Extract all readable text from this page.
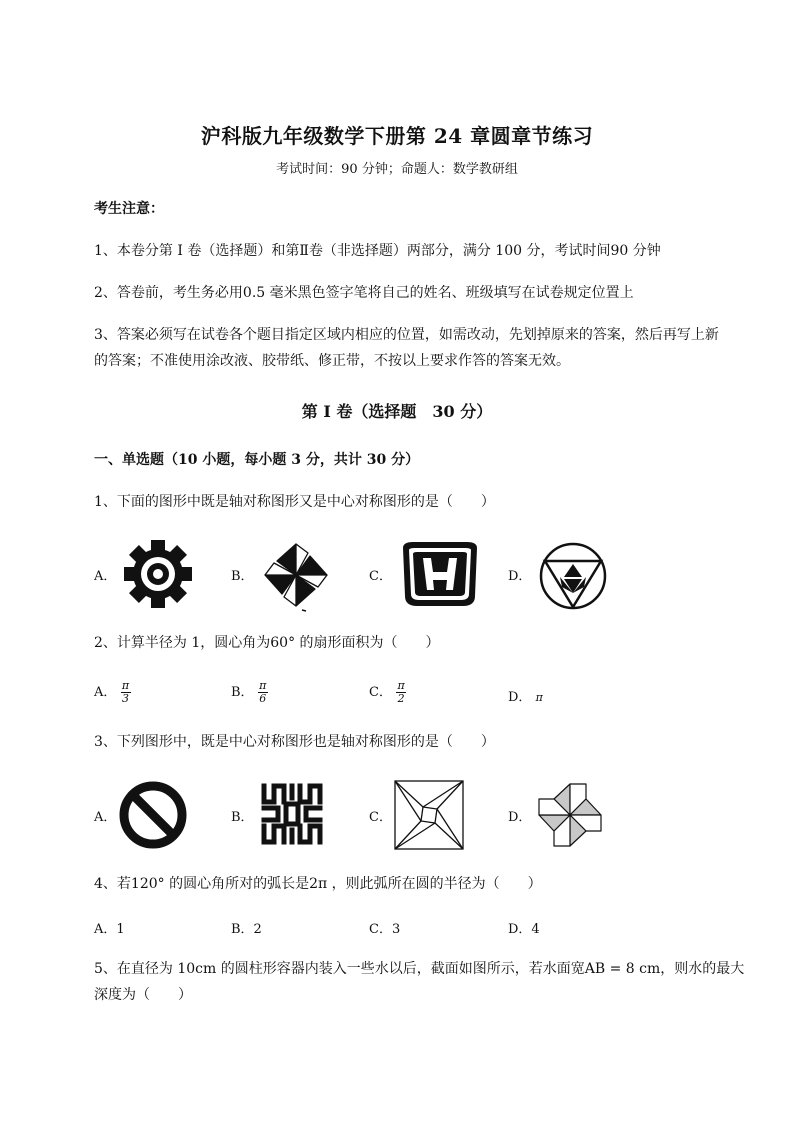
沪科版九年级数学下册第 24 章圆章节练习
考试时间：90 分钟；命题人：数学教研组
考生注意：
1、本卷分第 I 卷（选择题）和第Ⅱ卷（非选择题）两部分，满分 100 分，考试时间90 分钟
2、答卷前，考生务必用0.5 毫米黑色签字笔将自己的姓名、班级填写在试卷规定位置上
3、答案必须写在试卷各个题目指定区域内相应的位置，如需改动，先划掉原来的答案，然后再写上新
的答案；不准使用涂改液、胶带纸、修正带，不按以上要求作答的答案无效。
第 I 卷（选择题　30 分）
一、单选题（10 小题，每小题 3 分，共计 30 分）
1、下面的图形中既是轴对称图形又是中心对称图形的是（　　）
A．	B．	C．	D．
2、计算半径为 1，圆心角为60° 的扇形面积为（　　）
A． $\frac{\pi}{3}$	B． $\frac{\pi}{6}$	C． $\frac{\pi}{2}$	D． π
3、下列图形中，既是中心对称图形也是轴对称图形的是（　　）
A．	B．	C．	D．
4、若120° 的圆心角所对的弧长是2π ，则此弧所在圆的半径为（　　）
A．1	B．2	C．3	D．4
5、在直径为 10cm 的圆柱形容器内装入一些水以后，截面如图所示，若水面宽AB = 8 cm，则水的最大
深度为（　　）
